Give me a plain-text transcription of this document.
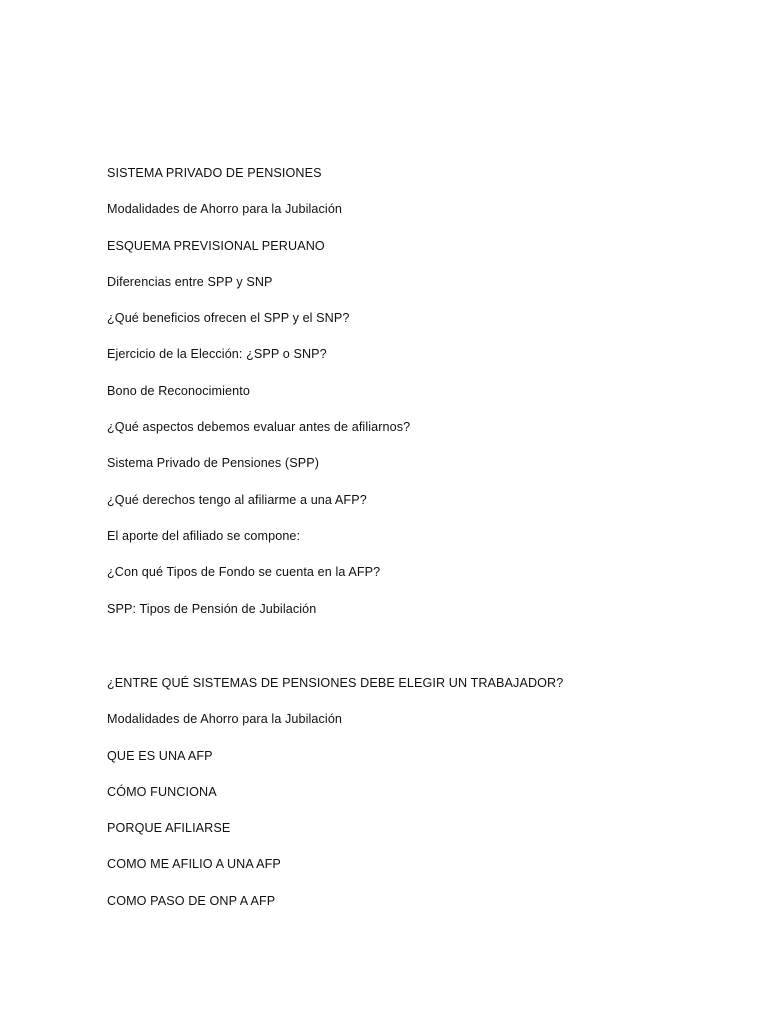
SISTEMA PRIVADO DE PENSIONES
Modalidades de Ahorro para la Jubilación
ESQUEMA PREVISIONAL PERUANO
Diferencias entre SPP y SNP
¿Qué beneficios ofrecen el SPP y el SNP?
Ejercicio de la Elección: ¿SPP o SNP?
Bono de Reconocimiento
¿Qué aspectos debemos evaluar antes de afiliarnos?
Sistema Privado de Pensiones (SPP)
¿Qué derechos tengo al afiliarme a una AFP?
El aporte del afiliado se compone:
¿Con qué Tipos de Fondo se cuenta en la AFP?
SPP: Tipos de Pensión de Jubilación
¿ENTRE QUÉ SISTEMAS DE PENSIONES DEBE ELEGIR UN TRABAJADOR?
Modalidades de Ahorro para la Jubilación
QUE ES UNA AFP
CÓMO FUNCIONA
PORQUE AFILIARSE
COMO ME AFILIO A UNA AFP
COMO PASO DE ONP A AFP
